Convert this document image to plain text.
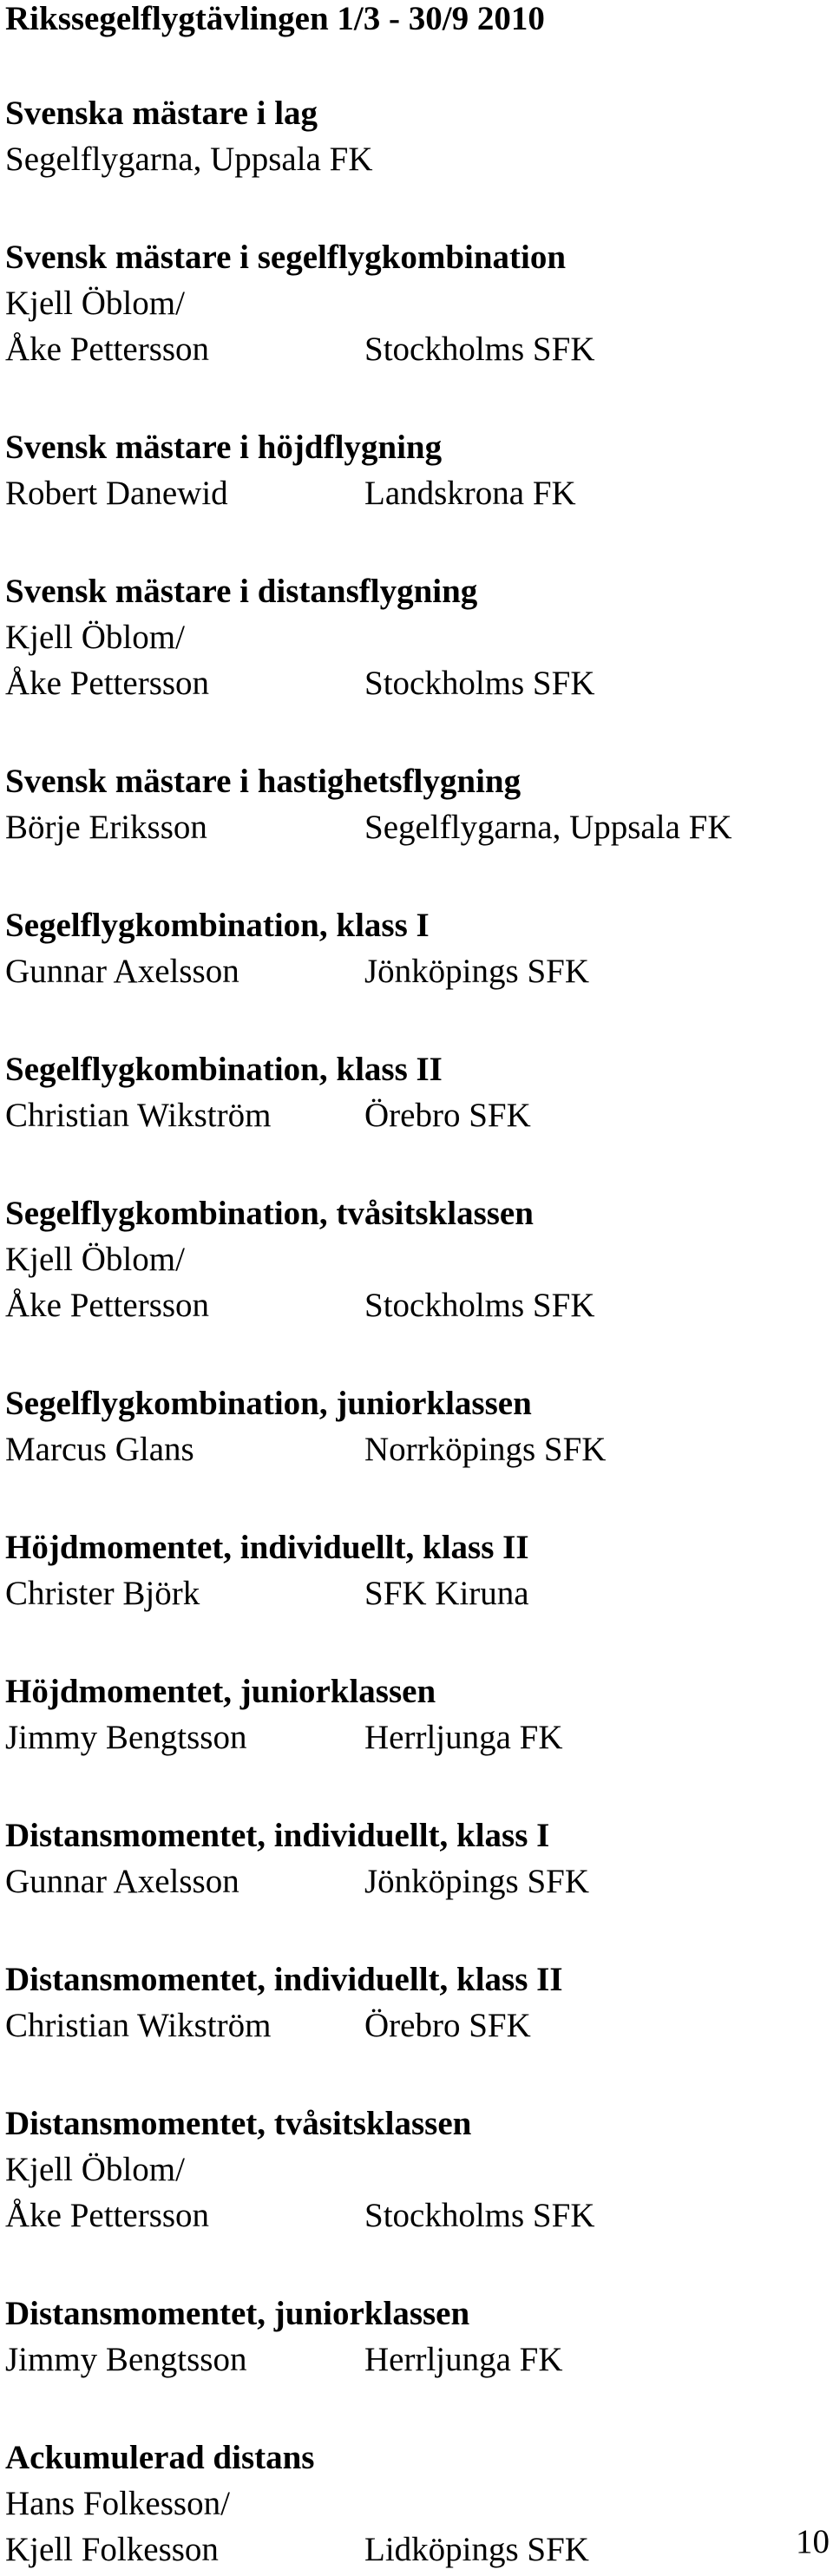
Rikssegelflygtävlingen 1/3 - 30/9 2010
Svenska mästare i lag
Segelflygarna, Uppsala FK
Svensk mästare i segelflygkombination
Kjell Öblom/
Åke Pettersson	Stockholms SFK
Svensk mästare i höjdflygning
Robert Danewid	Landskrona FK
Svensk mästare i distansflygning
Kjell Öblom/
Åke Pettersson	Stockholms SFK
Svensk mästare i hastighetsflygning
Börje Eriksson	Segelflygarna, Uppsala FK
Segelflygkombination, klass I
Gunnar Axelsson	Jönköpings SFK
Segelflygkombination, klass II
Christian Wikström	Örebro SFK
Segelflygkombination, tvåsitsklassen
Kjell Öblom/
Åke Pettersson	Stockholms SFK
Segelflygkombination, juniorklassen
Marcus Glans	Norrköpings SFK
Höjdmomentet, individuellt, klass II
Christer Björk	SFK Kiruna
Höjdmomentet, juniorklassen
Jimmy Bengtsson	Herrljunga FK
Distansmomentet, individuellt, klass I
Gunnar Axelsson	Jönköpings SFK
Distansmomentet, individuellt, klass II
Christian Wikström	Örebro SFK
Distansmomentet, tvåsitsklassen
Kjell Öblom/
Åke Pettersson	Stockholms SFK
Distansmomentet, juniorklassen
Jimmy Bengtsson	Herrljunga FK
Ackumulerad distans
Hans Folkesson/
Kjell Folkesson	Lidköpings SFK	10
